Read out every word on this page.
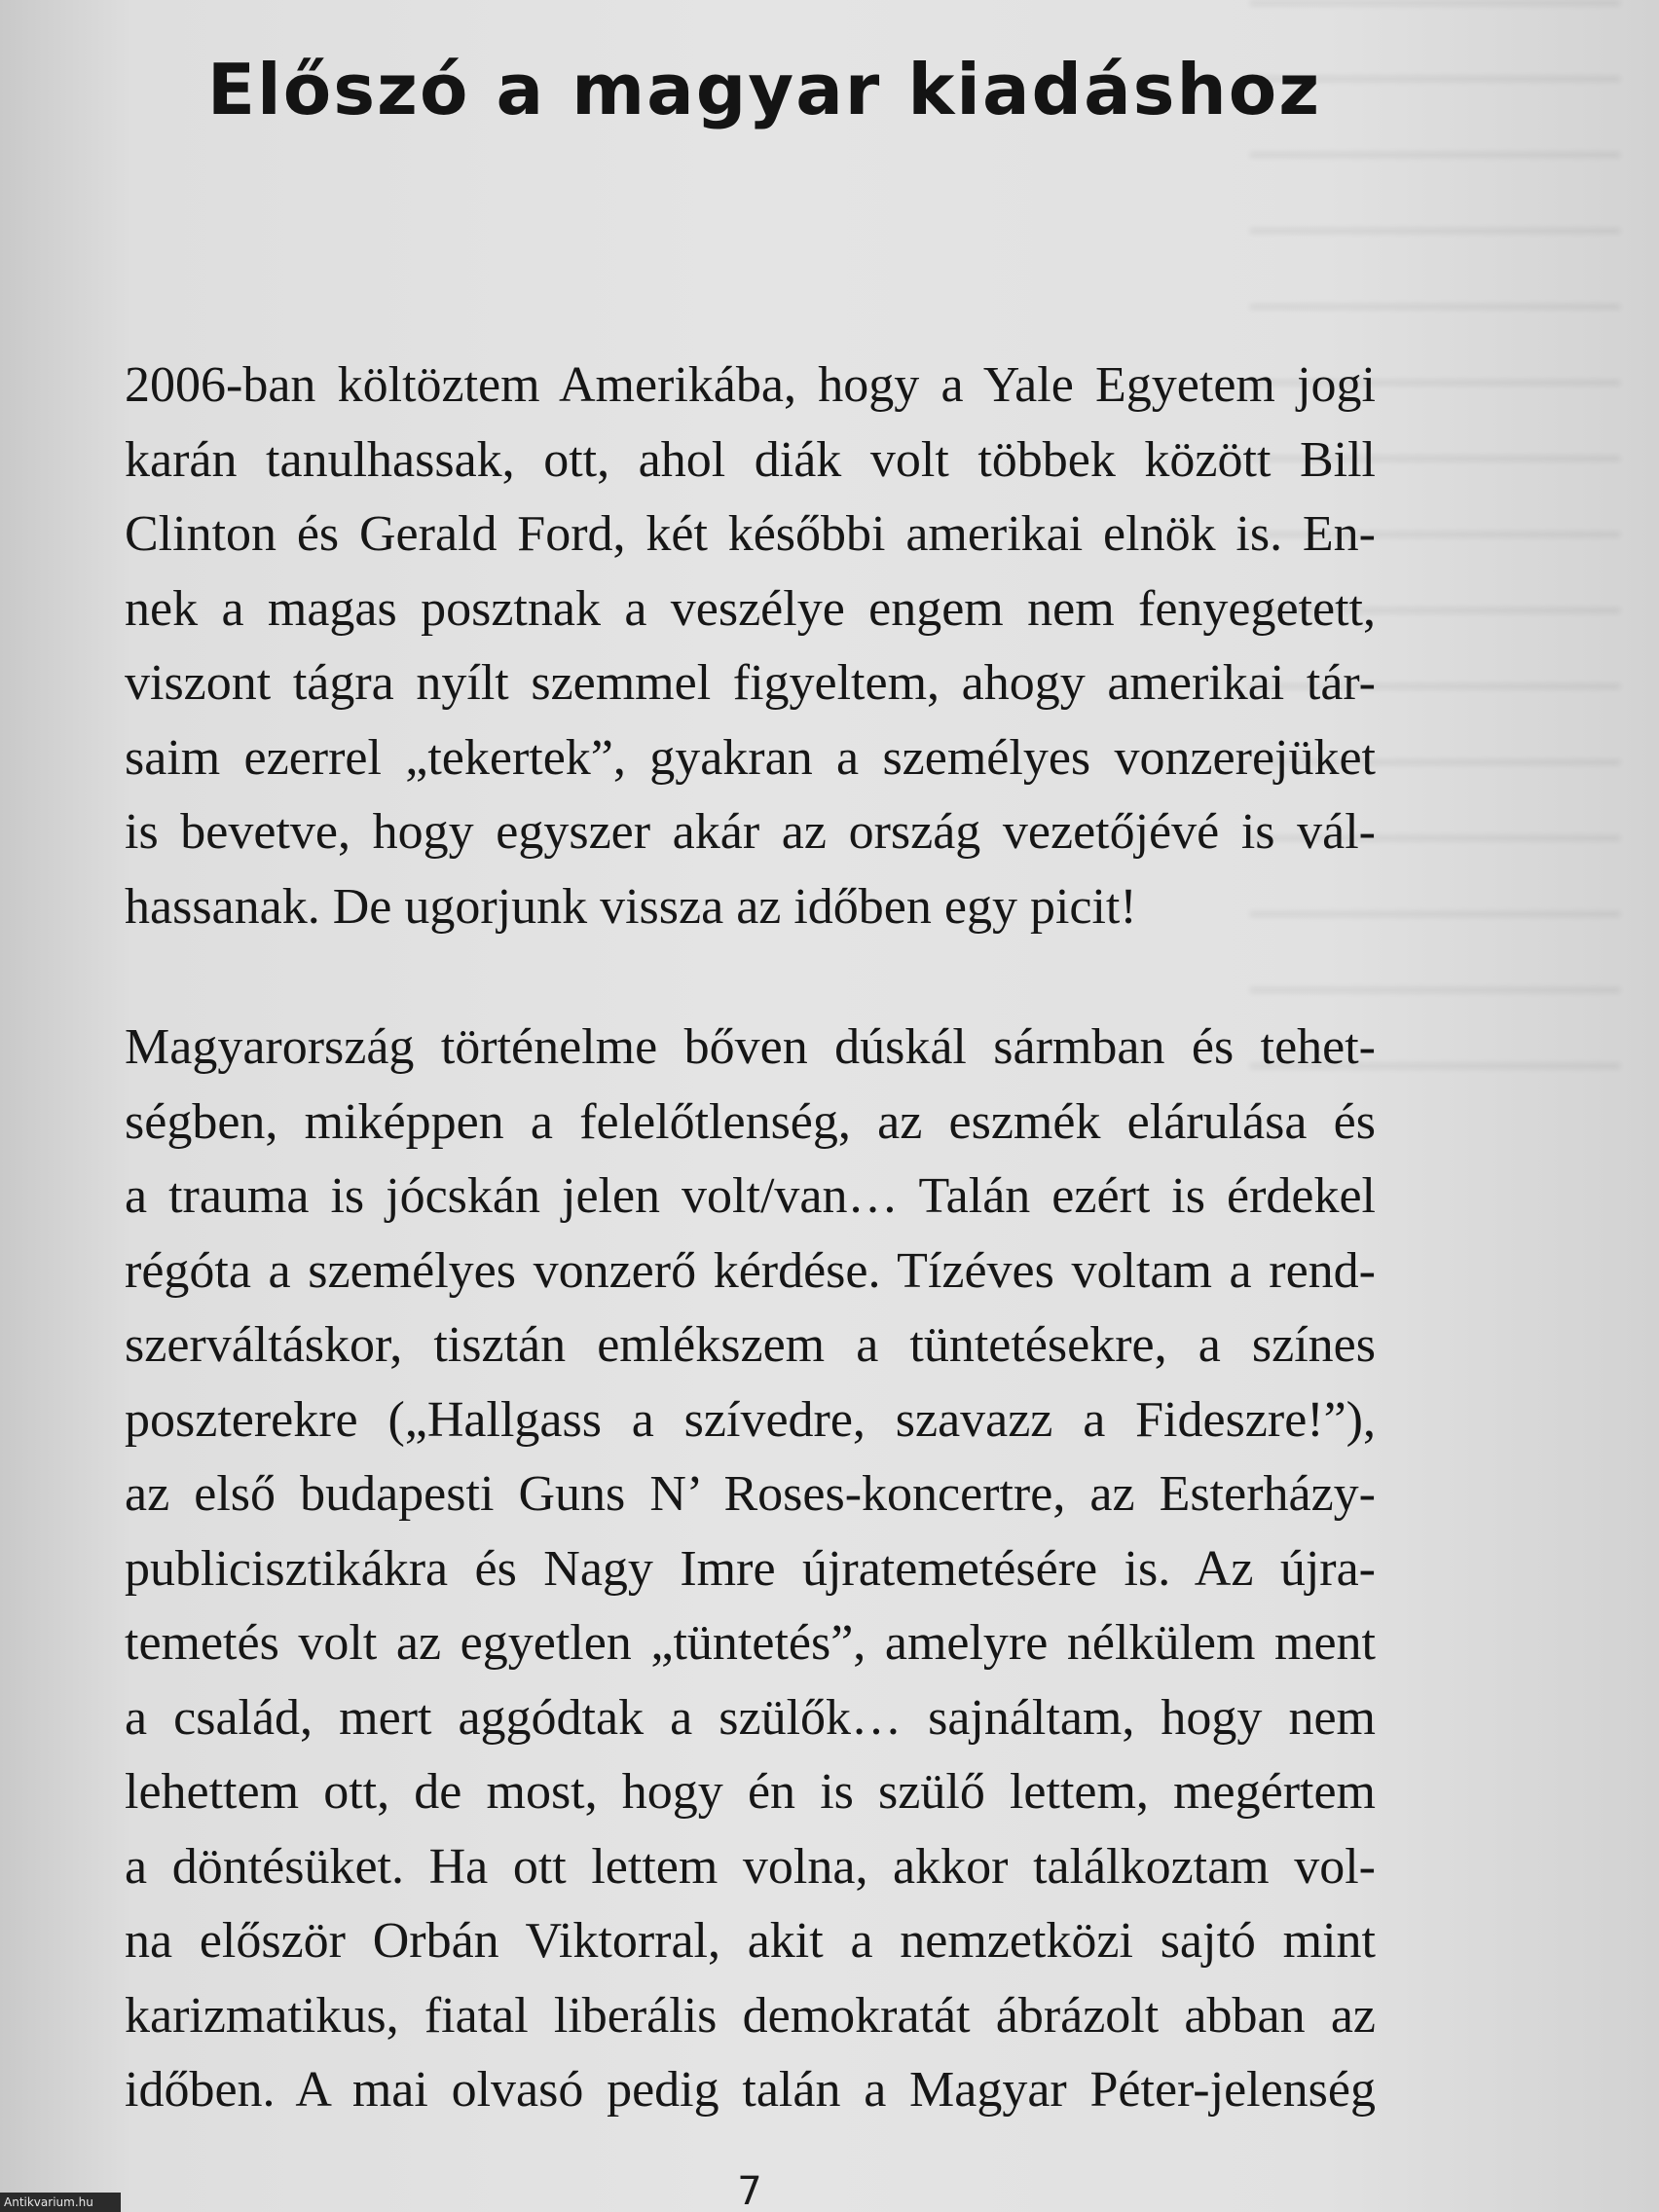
Előszó a magyar kiadáshoz
2006-ban költöztem Amerikába, hogy a Yale Egyetem jogi
karán tanulhassak, ott, ahol diák volt többek között Bill
Clinton és Gerald Ford, két későbbi amerikai elnök is. En-
nek a magas posztnak a veszélye engem nem fenyegetett,
viszont tágra nyílt szemmel figyeltem, ahogy amerikai tár-
saim ezerrel „tekertek”, gyakran a személyes vonzerejüket
is bevetve, hogy egyszer akár az ország vezetőjévé is vál-
hassanak. De ugorjunk vissza az időben egy picit!
Magyarország történelme bőven dúskál sármban és tehet-
ségben, miképpen a felelőtlenség, az eszmék elárulása és
a trauma is jócskán jelen volt/van… Talán ezért is érdekel
régóta a személyes vonzerő kérdése. Tízéves voltam a rend-
szerváltáskor, tisztán emlékszem a tüntetésekre, a színes
poszterekre („Hallgass a szívedre, szavazz a Fideszre!”),
az első budapesti Guns N’ Roses-koncertre, az Esterházy-
publicisztikákra és Nagy Imre újratemetésére is. Az újra-
temetés volt az egyetlen „tüntetés”, amelyre nélkülem ment
a család, mert aggódtak a szülők… sajnáltam, hogy nem
lehettem ott, de most, hogy én is szülő lettem, megértem
a döntésüket. Ha ott lettem volna, akkor találkoztam vol-
na először Orbán Viktorral, akit a nemzetközi sajtó mint
karizmatikus, fiatal liberális demokratát ábrázolt abban az
időben. A mai olvasó pedig talán a Magyar Péter-jelenség
7
Antikvarium.hu
